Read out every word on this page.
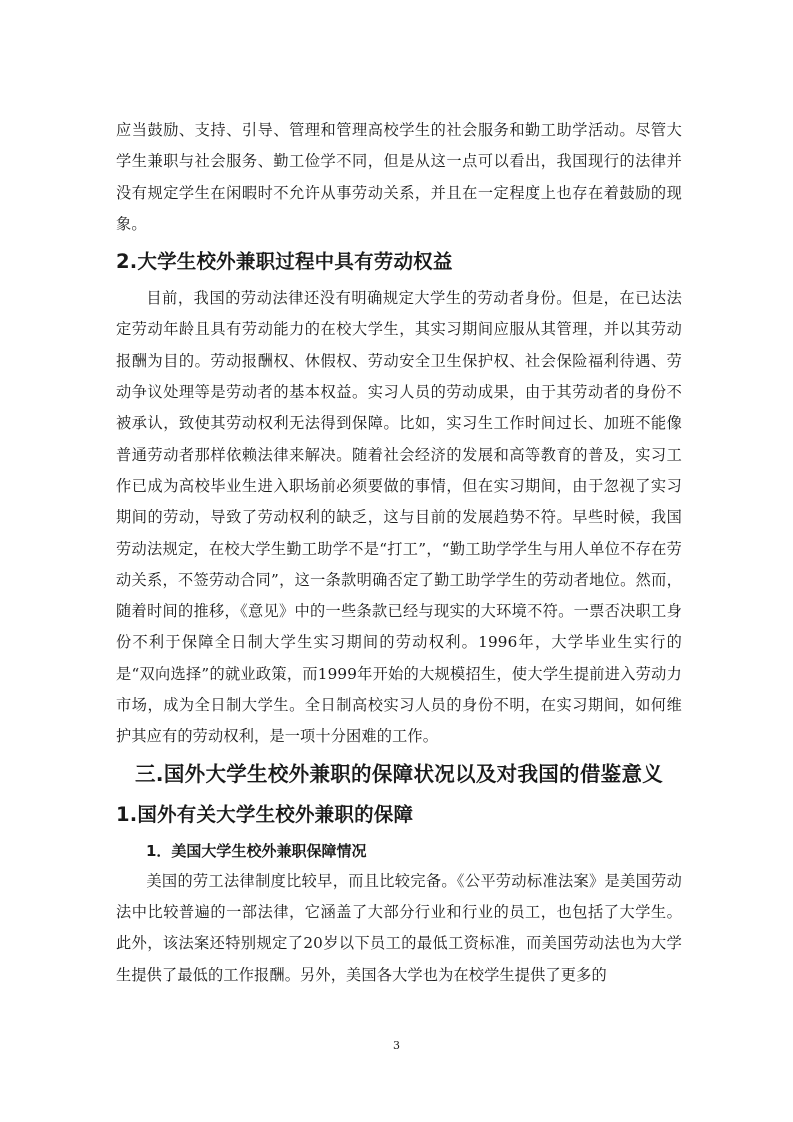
应当鼓励、支持、引导、管理和管理高校学生的社会服务和勤工助学活动。尽管大学生兼职与社会服务、勤工俭学不同，但是从这一点可以看出，我国现行的法律并没有规定学生在闲暇时不允许从事劳动关系，并且在一定程度上也存在着鼓励的现象。

2.大学生校外兼职过程中具有劳动权益

目前，我国的劳动法律还没有明确规定大学生的劳动者身份。但是，在已达法定劳动年龄且具有劳动能力的在校大学生，其实习期间应服从其管理，并以其劳动报酬为目的。劳动报酬权、休假权、劳动安全卫生保护权、社会保险福利待遇、劳动争议处理等是劳动者的基本权益。实习人员的劳动成果，由于其劳动者的身份不被承认，致使其劳动权利无法得到保障。比如，实习生工作时间过长、加班不能像普通劳动者那样依赖法律来解决。随着社会经济的发展和高等教育的普及，实习工作已成为高校毕业生进入职场前必须要做的事情，但在实习期间，由于忽视了实习期间的劳动，导致了劳动权利的缺乏，这与目前的发展趋势不符。早些时候，我国劳动法规定，在校大学生勤工助学不是“打工”，“勤工助学学生与用人单位不存在劳动关系，不签劳动合同”，这一条款明确否定了勤工助学学生的劳动者地位。然而，随着时间的推移，《意见》中的一些条款已经与现实的大环境不符。一票否决职工身份不利于保障全日制大学生实习期间的劳动权利。1996年，大学毕业生实行的是“双向选择”的就业政策，而1999年开始的大规模招生，使大学生提前进入劳动力市场，成为全日制大学生。全日制高校实习人员的身份不明，在实习期间，如何维护其应有的劳动权利，是一项十分困难的工作。

三.国外大学生校外兼职的保障状况以及对我国的借鉴意义
1.国外有关大学生校外兼职的保障
1．美国大学生校外兼职保障情况

美国的劳工法律制度比较早，而且比较完备。《公平劳动标准法案》是美国劳动法中比较普遍的一部法律，它涵盖了大部分行业和行业的员工，也包括了大学生。此外，该法案还特别规定了20岁以下员工的最低工资标准，而美国劳动法也为大学生提供了最低的工作报酬。另外，美国各大学也为在校学生提供了更多的

3
